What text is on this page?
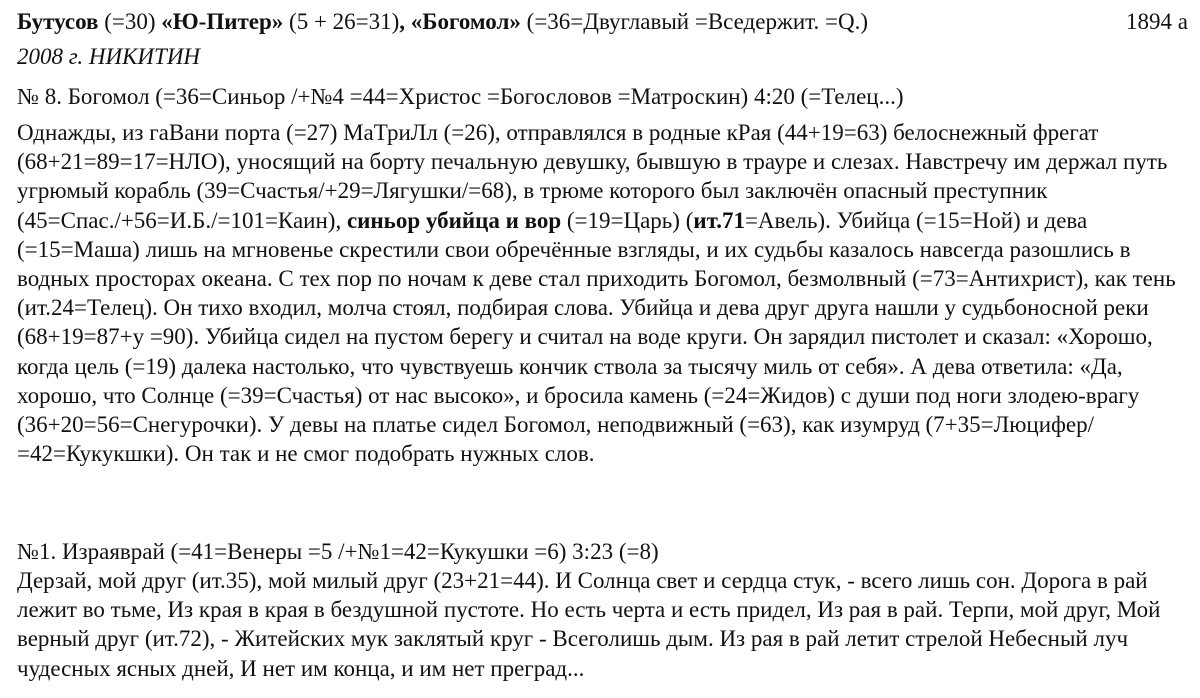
Бутусов (=30) «Ю-Питер» (5 + 26=31), «Богомол» (=36=Двуглавый =Вседержит. =Q.)	1894 а
2008 г. НИКИТИН
№ 8. Богомол (=36=Синьор /+№4 =44=Христос =Богословов =Матроскин) 4:20 (=Телец...)

Однажды, из гаВани порта (=27) МаТриЛл (=26), отправлялся в родные кРая (44+19=63) белоснежный фрегат (68+21=89=17=НЛО), уносящий на борту печальную девушку, бывшую в трауре и слезах. Навстречу им держал путь угрюмый корабль (39=Счастья/+29=Лягушки/=68), в трюме которого был заключён опасный преступник (45=Спас./+56=И.Б./=101=Каин), синьор убийца и вор (=19=Царь) (ит.71=Авель). Убийца (=15=Ной) и дева (=15=Маша) лишь на мгновенье скрестили свои обречённые взгляды, и их судьбы казалось навсегда разошлись в водных просторах океана. С тех пор по ночам к деве стал приходить Богомол, безмолвный (=73=Антихрист), как тень (ит.24=Телец). Он тихо входил, молча стоял, подбирая слова. Убийца и дева друг друга нашли у судьбоносной реки (68+19=87+у =90). Убийца сидел на пустом берегу и считал на воде круги. Он зарядил пистолет и сказал: «Хорошо, когда цель (=19) далека настолько, что чувствуешь кончик ствола за тысячу миль от себя». А дева ответила: «Да, хорошо, что Солнце (=39=Счастья) от нас высоко», и бросила камень (=24=Жидов) с души под ноги злодею-врагу (36+20=56=Снегурочки). У девы на платье сидел Богомол, неподвижный (=63), как изумруд (7+35=Люцифер/ =42=Кукукшки). Он так и не смог подобрать нужных слов.

№1. Израяврай (=41=Венеры =5 /+№1=42=Кукушки =6) 3:23 (=8)

Дерзай, мой друг (ит.35), мой милый друг (23+21=44). И Солнца свет и сердца стук, - всего лишь сон. Дорога в рай лежит во тьме, Из края в края в бездушной пустоте. Но есть черта и есть придел, Из рая в рай. Терпи, мой друг, Мой верный друг (ит.72), - Житейских мук заклятый круг - Всеголишь дым. Из рая в рай летит стрелой Небесный луч чудесных ясных дней, И нет им конца, и им нет преград...
